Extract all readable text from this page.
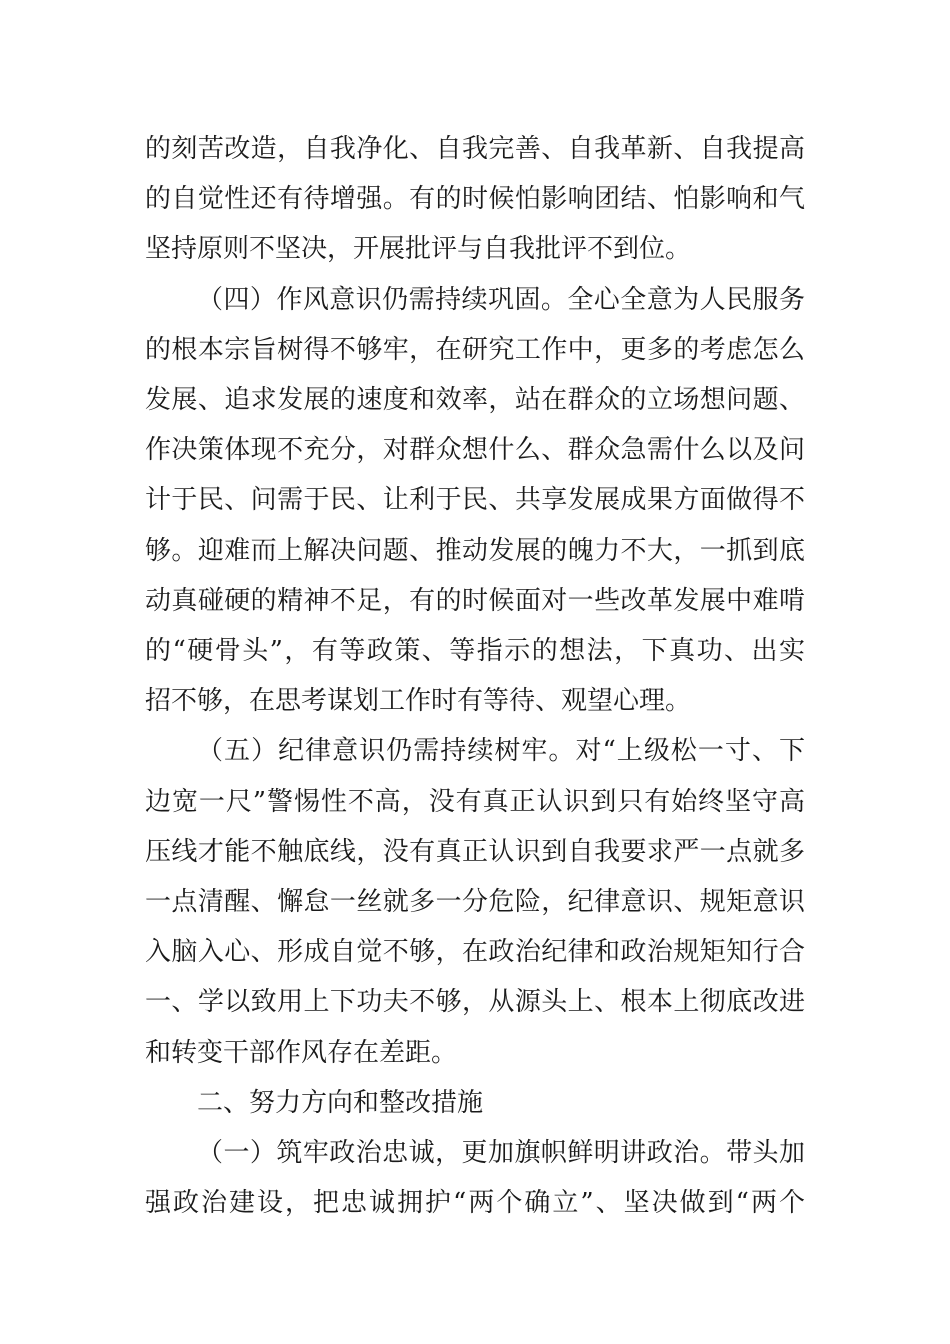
的刻苦改造，自我净化、自我完善、自我革新、自我提高
的自觉性还有待增强。有的时候怕影响团结、怕影响和气
坚持原则不坚决，开展批评与自我批评不到位。
（四）作风意识仍需持续巩固。全心全意为人民服务
的根本宗旨树得不够牢，在研究工作中，更多的考虑怎么
发展、追求发展的速度和效率，站在群众的立场想问题、
作决策体现不充分，对群众想什么、群众急需什么以及问
计于民、问需于民、让利于民、共享发展成果方面做得不
够。迎难而上解决问题、推动发展的魄力不大，一抓到底
动真碰硬的精神不足，有的时候面对一些改革发展中难啃
的“硬骨头”，有等政策、等指示的想法，下真功、出实
招不够，在思考谋划工作时有等待、观望心理。
（五）纪律意识仍需持续树牢。对“上级松一寸、下
边宽一尺”警惕性不高，没有真正认识到只有始终坚守高
压线才能不触底线，没有真正认识到自我要求严一点就多
一点清醒、懈怠一丝就多一分危险，纪律意识、规矩意识
入脑入心、形成自觉不够，在政治纪律和政治规矩知行合
一、学以致用上下功夫不够，从源头上、根本上彻底改进
和转变干部作风存在差距。
二、努力方向和整改措施
（一）筑牢政治忠诚，更加旗帜鲜明讲政治。带头加
强政治建设，把忠诚拥护“两个确立”、坚决做到“两个
